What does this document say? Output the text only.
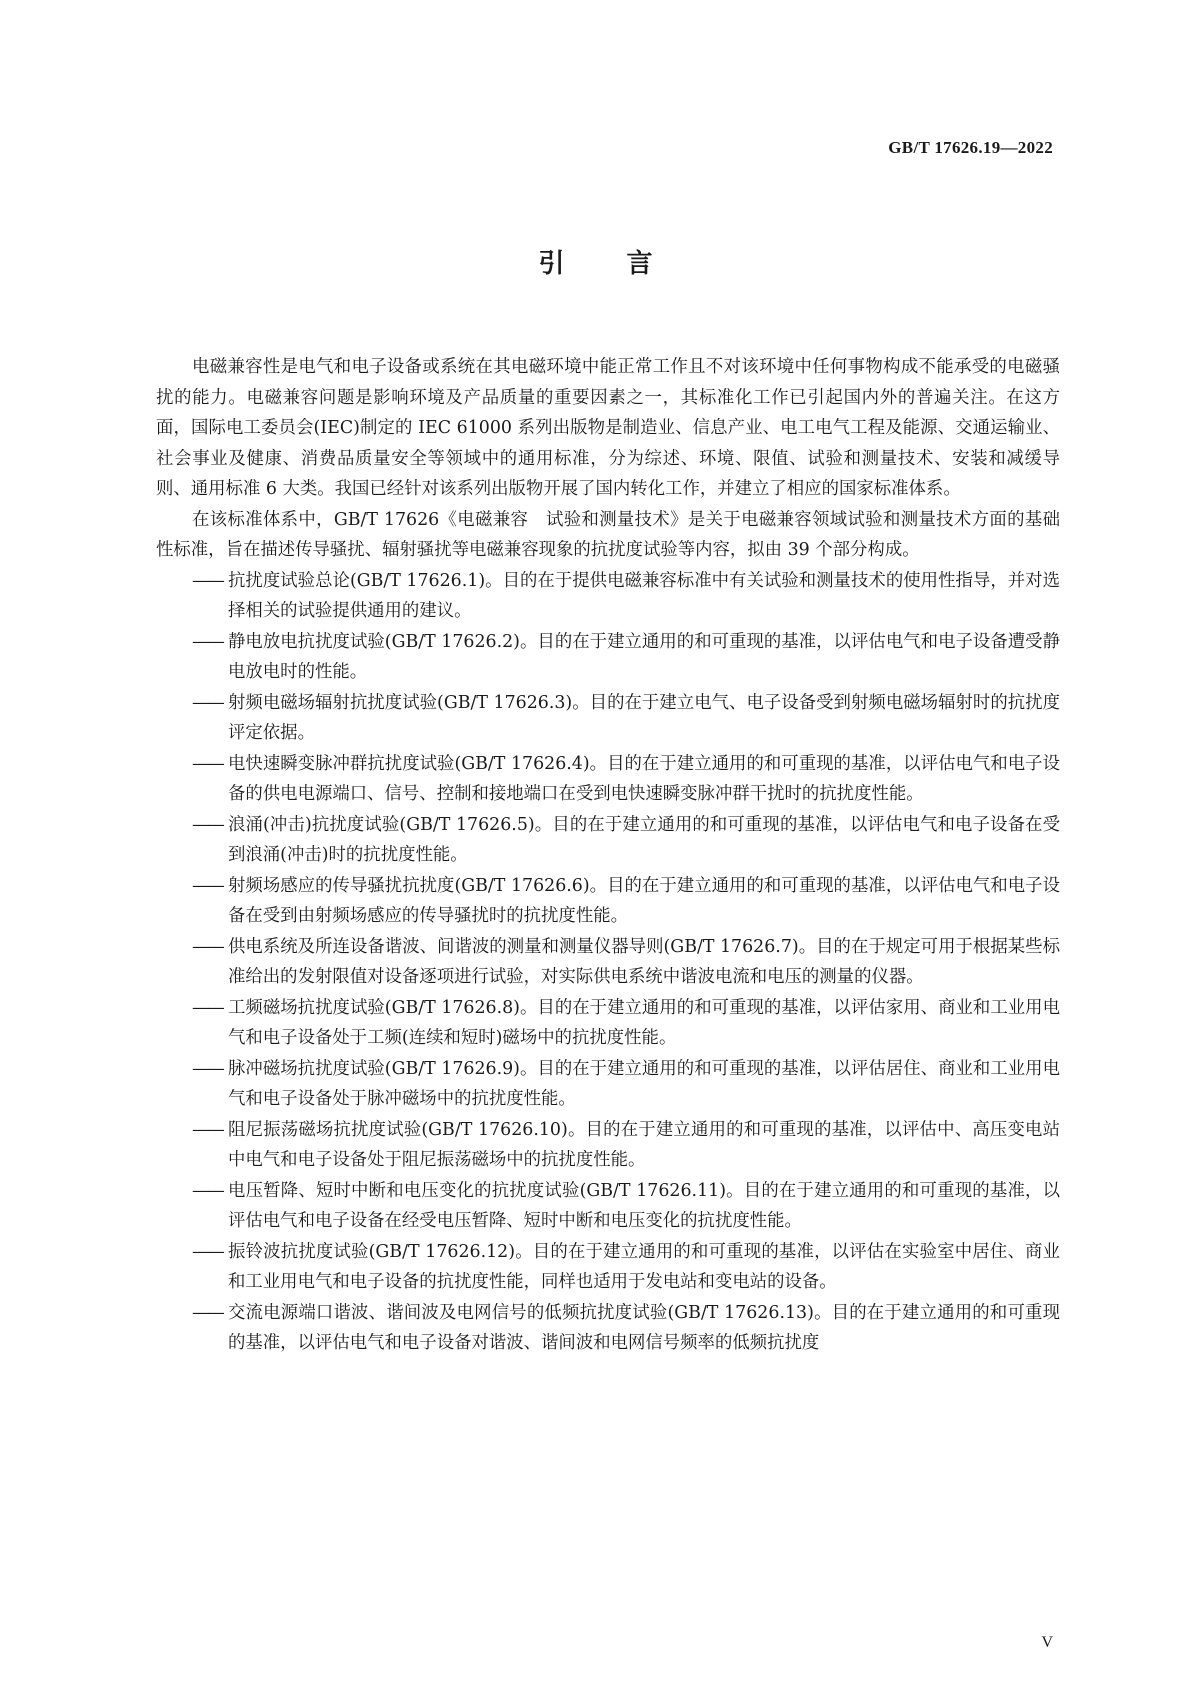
GB/T 17626.19—2022
引言

电磁兼容性是电气和电子设备或系统在其电磁环境中能正常工作且不对该环境中任何事物构成不能承受的电磁骚扰的能力。电磁兼容问题是影响环境及产品质量的重要因素之一，其标准化工作已引起国内外的普遍关注。在这方面，国际电工委员会(IEC)制定的 IEC 61000 系列出版物是制造业、信息产业、电工电气工程及能源、交通运输业、社会事业及健康、消费品质量安全等领域中的通用标准，分为综述、环境、限值、试验和测量技术、安装和减缓导则、通用标准 6 大类。我国已经针对该系列出版物开展了国内转化工作，并建立了相应的国家标准体系。

在该标准体系中，GB/T 17626《电磁兼容　试验和测量技术》是关于电磁兼容领域试验和测量技术方面的基础性标准，旨在描述传导骚扰、辐射骚扰等电磁兼容现象的抗扰度试验等内容，拟由 39 个部分构成。

—— 抗扰度试验总论(GB/T 17626.1)。目的在于提供电磁兼容标准中有关试验和测量技术的使用性指导，并对选择相关的试验提供通用的建议。
—— 静电放电抗扰度试验(GB/T 17626.2)。目的在于建立通用的和可重现的基准，以评估电气和电子设备遭受静电放电时的性能。
—— 射频电磁场辐射抗扰度试验(GB/T 17626.3)。目的在于建立电气、电子设备受到射频电磁场辐射时的抗扰度评定依据。
—— 电快速瞬变脉冲群抗扰度试验(GB/T 17626.4)。目的在于建立通用的和可重现的基准，以评估电气和电子设备的供电电源端口、信号、控制和接地端口在受到电快速瞬变脉冲群干扰时的抗扰度性能。
—— 浪涌(冲击)抗扰度试验(GB/T 17626.5)。目的在于建立通用的和可重现的基准，以评估电气和电子设备在受到浪涌(冲击)时的抗扰度性能。
—— 射频场感应的传导骚扰抗扰度(GB/T 17626.6)。目的在于建立通用的和可重现的基准，以评估电气和电子设备在受到由射频场感应的传导骚扰时的抗扰度性能。
—— 供电系统及所连设备谐波、间谐波的测量和测量仪器导则(GB/T 17626.7)。目的在于规定可用于根据某些标准给出的发射限值对设备逐项进行试验，对实际供电系统中谐波电流和电压的测量的仪器。
—— 工频磁场抗扰度试验(GB/T 17626.8)。目的在于建立通用的和可重现的基准，以评估家用、商业和工业用电气和电子设备处于工频(连续和短时)磁场中的抗扰度性能。
—— 脉冲磁场抗扰度试验(GB/T 17626.9)。目的在于建立通用的和可重现的基准，以评估居住、商业和工业用电气和电子设备处于脉冲磁场中的抗扰度性能。
—— 阻尼振荡磁场抗扰度试验(GB/T 17626.10)。目的在于建立通用的和可重现的基准，以评估中、高压变电站中电气和电子设备处于阻尼振荡磁场中的抗扰度性能。
—— 电压暂降、短时中断和电压变化的抗扰度试验(GB/T 17626.11)。目的在于建立通用的和可重现的基准，以评估电气和电子设备在经受电压暂降、短时中断和电压变化的抗扰度性能。
—— 振铃波抗扰度试验(GB/T 17626.12)。目的在于建立通用的和可重现的基准，以评估在实验室中居住、商业和工业用电气和电子设备的抗扰度性能，同样也适用于发电站和变电站的设备。
—— 交流电源端口谐波、谐间波及电网信号的低频抗扰度试验(GB/T 17626.13)。目的在于建立通用的和可重现的基准，以评估电气和电子设备对谐波、谐间波和电网信号频率的低频抗扰度
V
